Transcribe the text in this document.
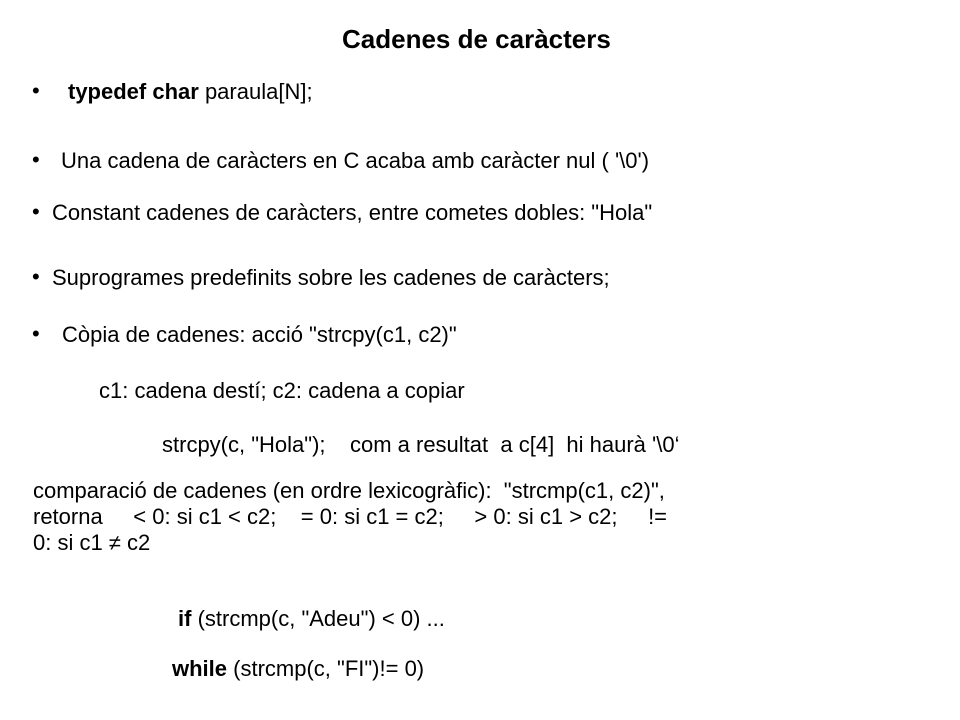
Cadenes de caràcters
• typedef char paraula[N];
• Una cadena de caràcters en C acaba amb caràcter nul ( '\0')
• Constant cadenes de caràcters, entre cometes dobles: "Hola"
• Suprogrames predefinits sobre les cadenes de caràcters;
• Còpia de cadenes: acció "strcpy(c1, c2)"
c1: cadena destí; c2: cadena a copiar
strcpy(c, "Hola");    com a resultat  a c[4]  hi haurà '\0‘
comparació de cadenes (en ordre lexicogràfic):  "strcmp(c1, c2)",
retorna     < 0: si c1 < c2;    = 0: si c1 = c2;     > 0: si c1 > c2;     !=
0: si c1 ≠ c2
if (strcmp(c, "Adeu") < 0) ...
while (strcmp(c, "FI")!= 0)
